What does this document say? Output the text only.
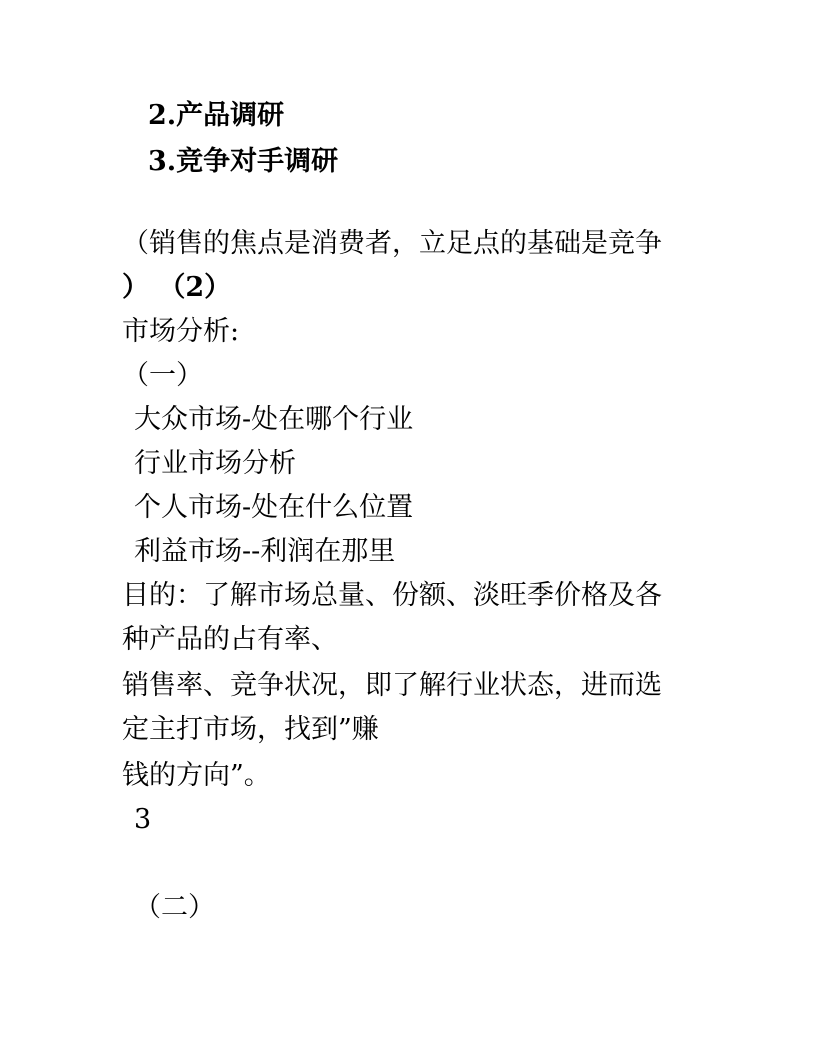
2.产品调研
3.竞争对手调研
（销售的焦点是消费者，立足点的基础是竞争
） （2）
市场分析:
（一）
大众市场-处在哪个行业
行业市场分析
个人市场-处在什么位置
利益市场--利润在那里
目的：了解市场总量、份额、淡旺季价格及各
种产品的占有率、
销售率、竞争状况，即了解行业状态，进而选
定主打市场，找到”赚
钱的方向”。
3
（二）
